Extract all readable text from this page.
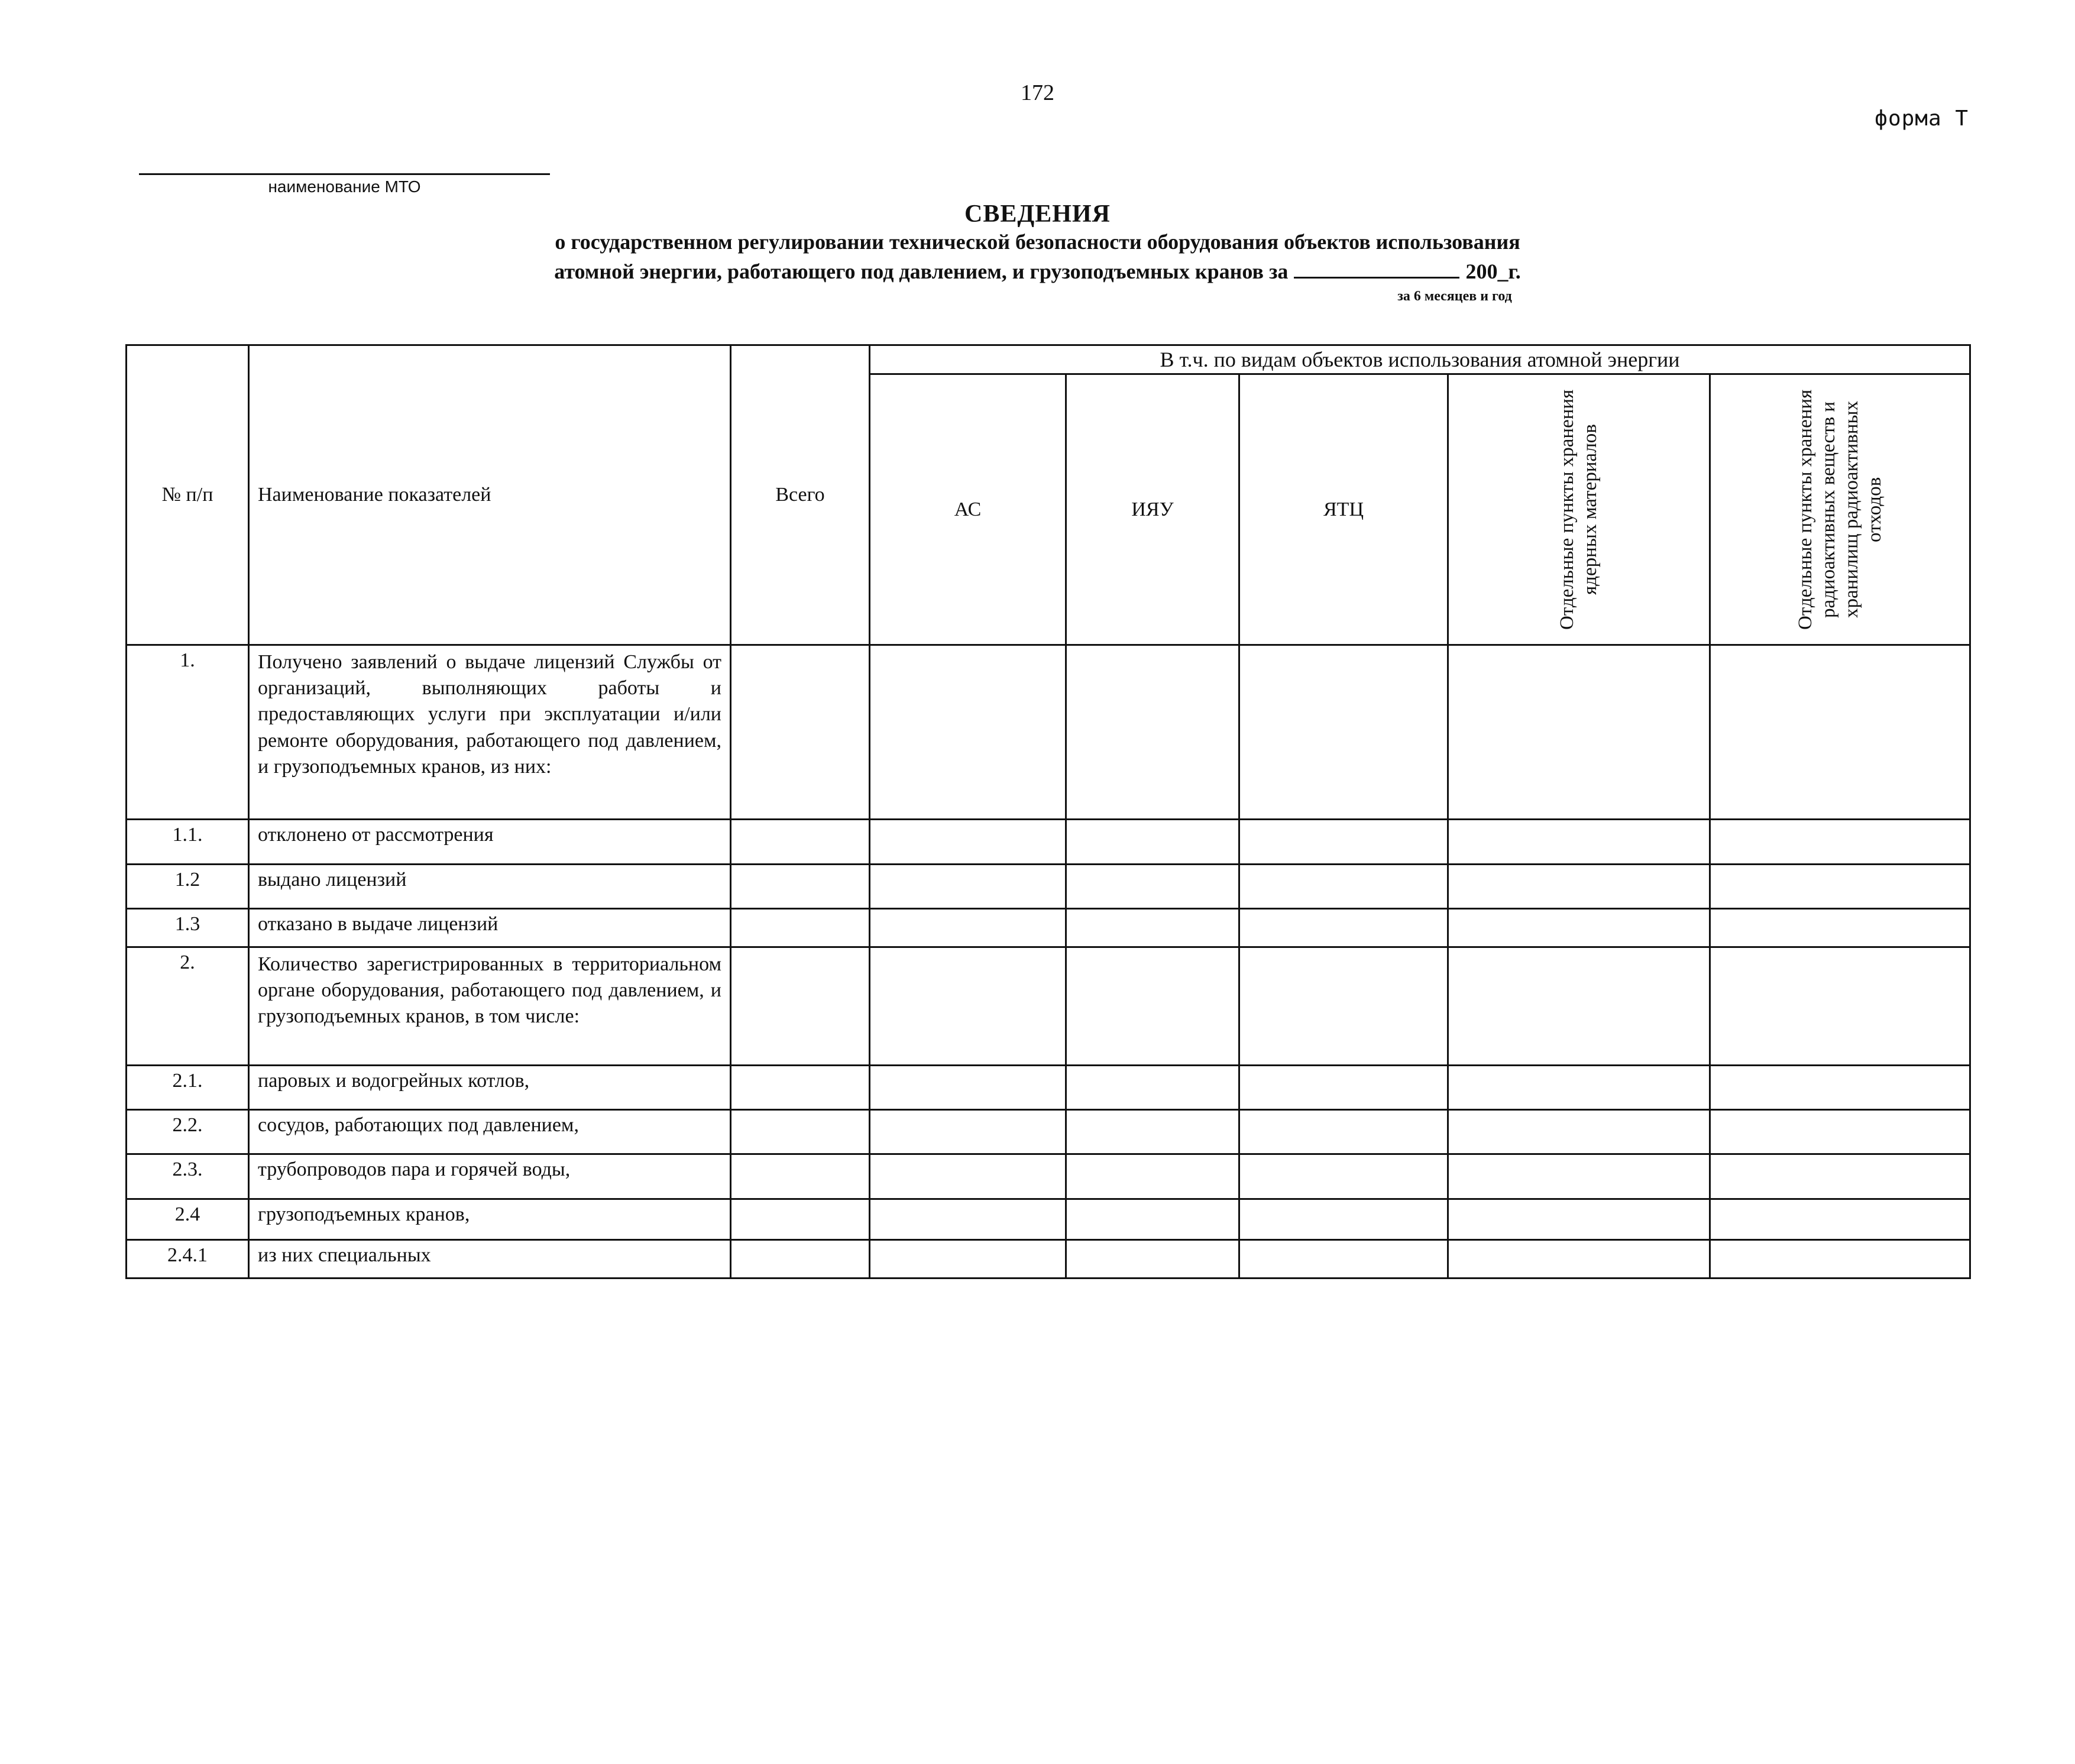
172
форма Т
наименование МТО
СВЕДЕНИЯ
о государственном регулировании технической безопасности оборудования объектов использования
атомной энергии, работающего под давлением, и грузоподъемных кранов за	200_г.
за 6 месяцев и год
№ п/п	Наименование показателей	Всего	В т.ч. по видам объектов использования атомной энергии				
			АС	ИЯУ	ЯТЦ	Отдельные пункты хранения ядерных материалов	Отдельные пункты хранения радиоактивных веществ и хранилищ радиоактивных отходов

1.	Получено заявлений о выдаче лицензий Службы от организаций, выполняющих работы и предоставляющих услуги при эксплуатации и/или ремонте оборудования, работающего под давлением, и грузоподъемных кранов, из них:						
1.1.	отклонено от рассмотрения						
1.2	выдано лицензий						
1.3	отказано в выдаче лицензий						
2.	Количество зарегистрированных в территориальном органе оборудования, работающего под давлением, и грузоподъемных кранов, в том числе:						
2.1.	паровых и водогрейных котлов,						
2.2.	сосудов, работающих под давлением,						
2.3.	трубопроводов пара и горячей воды,						
2.4	грузоподъемных кранов,						
2.4.1	из них специальных						
